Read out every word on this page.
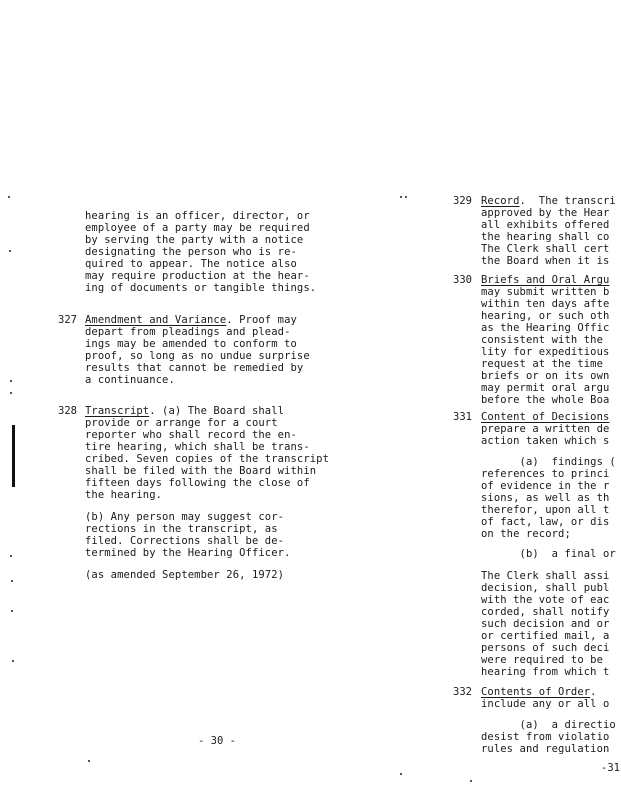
hearing is an officer, director, or
employee of a party may be required
by serving the party with a notice
designating the person who is re-
quired to appear. The notice also
may require production at the hear-
ing of documents or tangible things.
327 Amendment and Variance. Proof may
depart from pleadings and plead-
ings may be amended to conform to
proof, so long as no undue surprise
results that cannot be remedied by
a continuance.
328 Transcript. (a) The Board shall
provide or arrange for a court
reporter who shall record the en-
tire hearing, which shall be trans-
cribed. Seven copies of the transcript
shall be filed with the Board within
fifteen days following the close of
the hearing.
(b) Any person may suggest cor-
rections in the transcript, as
filed. Corrections shall be de-
termined by the Hearing Officer.
(as amended September 26, 1972)
- 30 -
329 Record.  The transcri
approved by the Hear
all exhibits offered
the hearing shall co
The Clerk shall cert
the Board when it is
330 Briefs and Oral Argu
may submit written b
within ten days afte
hearing, or such oth
as the Hearing Offic
consistent with the
lity for expeditious
request at the time
briefs or on its own
may permit oral argu
before the whole Boa
331 Content of Decisions
prepare a written de
action taken which s
(a)  findings (
references to princi
of evidence in the r
sions, as well as th
therefor, upon all t
of fact, law, or dis
on the record;
(b)  a final or
The Clerk shall assi
decision, shall publ
with the vote of eac
corded, shall notify
such decision and or
or certified mail, a
persons of such deci
were required to be
hearing from which t
332 Contents of Order.
include any or all o
(a)  a directio
desist from violatio
rules and regulation
-31
